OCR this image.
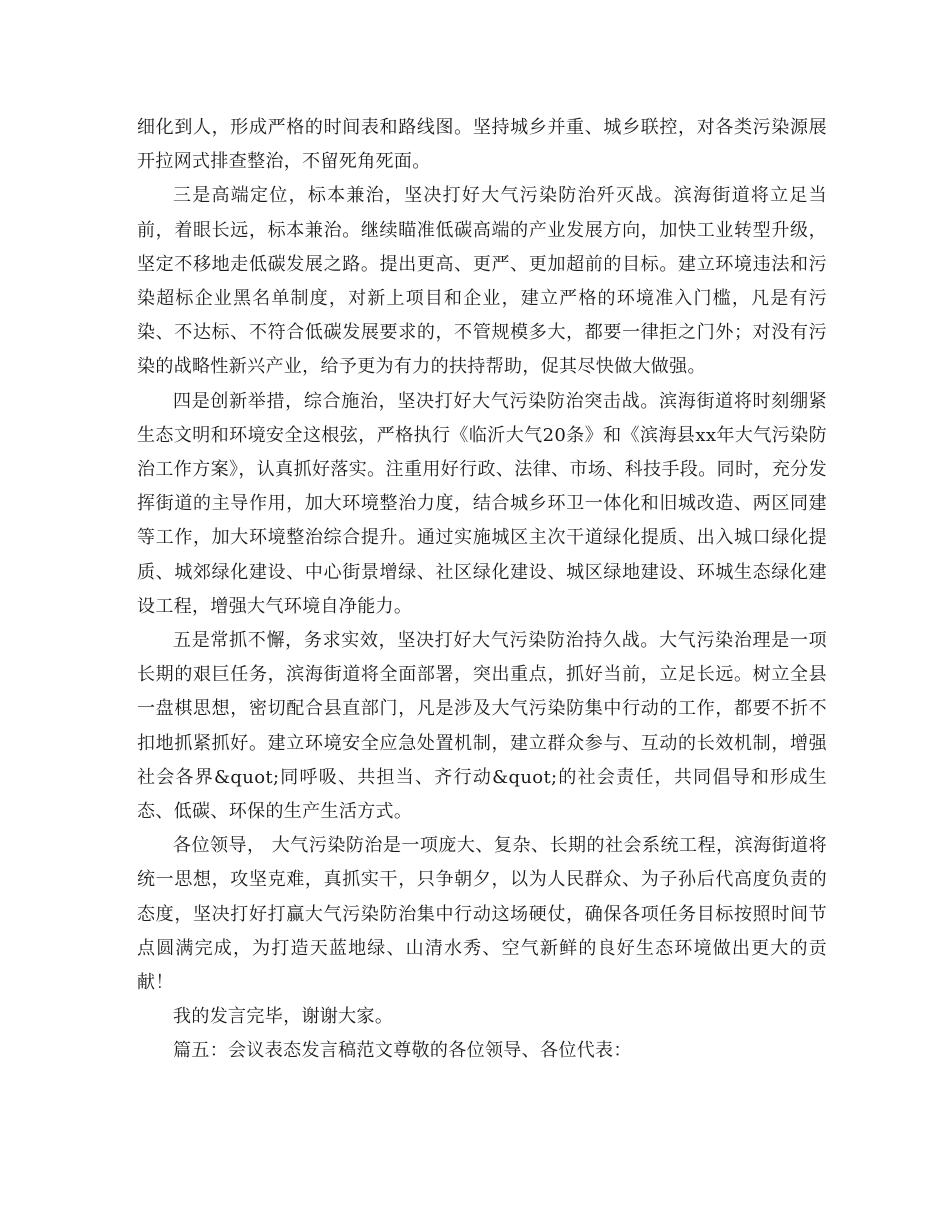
细化到人，形成严格的时间表和路线图。坚持城乡并重、城乡联控，对各类污染源展开拉网式排查整治，不留死角死面。

三是高端定位，标本兼治，坚决打好大气污染防治歼灭战。滨海街道将立足当前，着眼长远，标本兼治。继续瞄准低碳高端的产业发展方向，加快工业转型升级，坚定不移地走低碳发展之路。提出更高、更严、更加超前的目标。建立环境违法和污染超标企业黑名单制度，对新上项目和企业，建立严格的环境准入门槛，凡是有污染、不达标、不符合低碳发展要求的，不管规模多大，都要一律拒之门外；对没有污染的战略性新兴产业，给予更为有力的扶持帮助，促其尽快做大做强。

四是创新举措，综合施治，坚决打好大气污染防治突击战。滨海街道将时刻绷紧生态文明和环境安全这根弦，严格执行《临沂大气20条》和《滨海县xx年大气污染防治工作方案》，认真抓好落实。注重用好行政、法律、市场、科技手段。同时，充分发挥街道的主导作用，加大环境整治力度，结合城乡环卫一体化和旧城改造、两区同建等工作，加大环境整治综合提升。通过实施城区主次干道绿化提质、出入城口绿化提质、城郊绿化建设、中心街景增绿、社区绿化建设、城区绿地建设、环城生态绿化建设工程，增强大气环境自净能力。

五是常抓不懈，务求实效，坚决打好大气污染防治持久战。大气污染治理是一项长期的艰巨任务，滨海街道将全面部署，突出重点，抓好当前，立足长远。树立全县一盘棋思想，密切配合县直部门，凡是涉及大气污染防集中行动的工作，都要不折不扣地抓紧抓好。建立环境安全应急处置机制，建立群众参与、互动的长效机制，增强社会各界&quot;同呼吸、共担当、齐行动&quot;的社会责任，共同倡导和形成生态、低碳、环保的生产生活方式。

各位领导， 大气污染防治是一项庞大、复杂、长期的社会系统工程，滨海街道将统一思想，攻坚克难，真抓实干，只争朝夕，以为人民群众、为子孙后代高度负责的态度，坚决打好打赢大气污染防治集中行动这场硬仗，确保各项任务目标按照时间节点圆满完成，为打造天蓝地绿、山清水秀、空气新鲜的良好生态环境做出更大的贡献！

我的发言完毕，谢谢大家。

篇五：会议表态发言稿范文尊敬的各位领导、各位代表：
